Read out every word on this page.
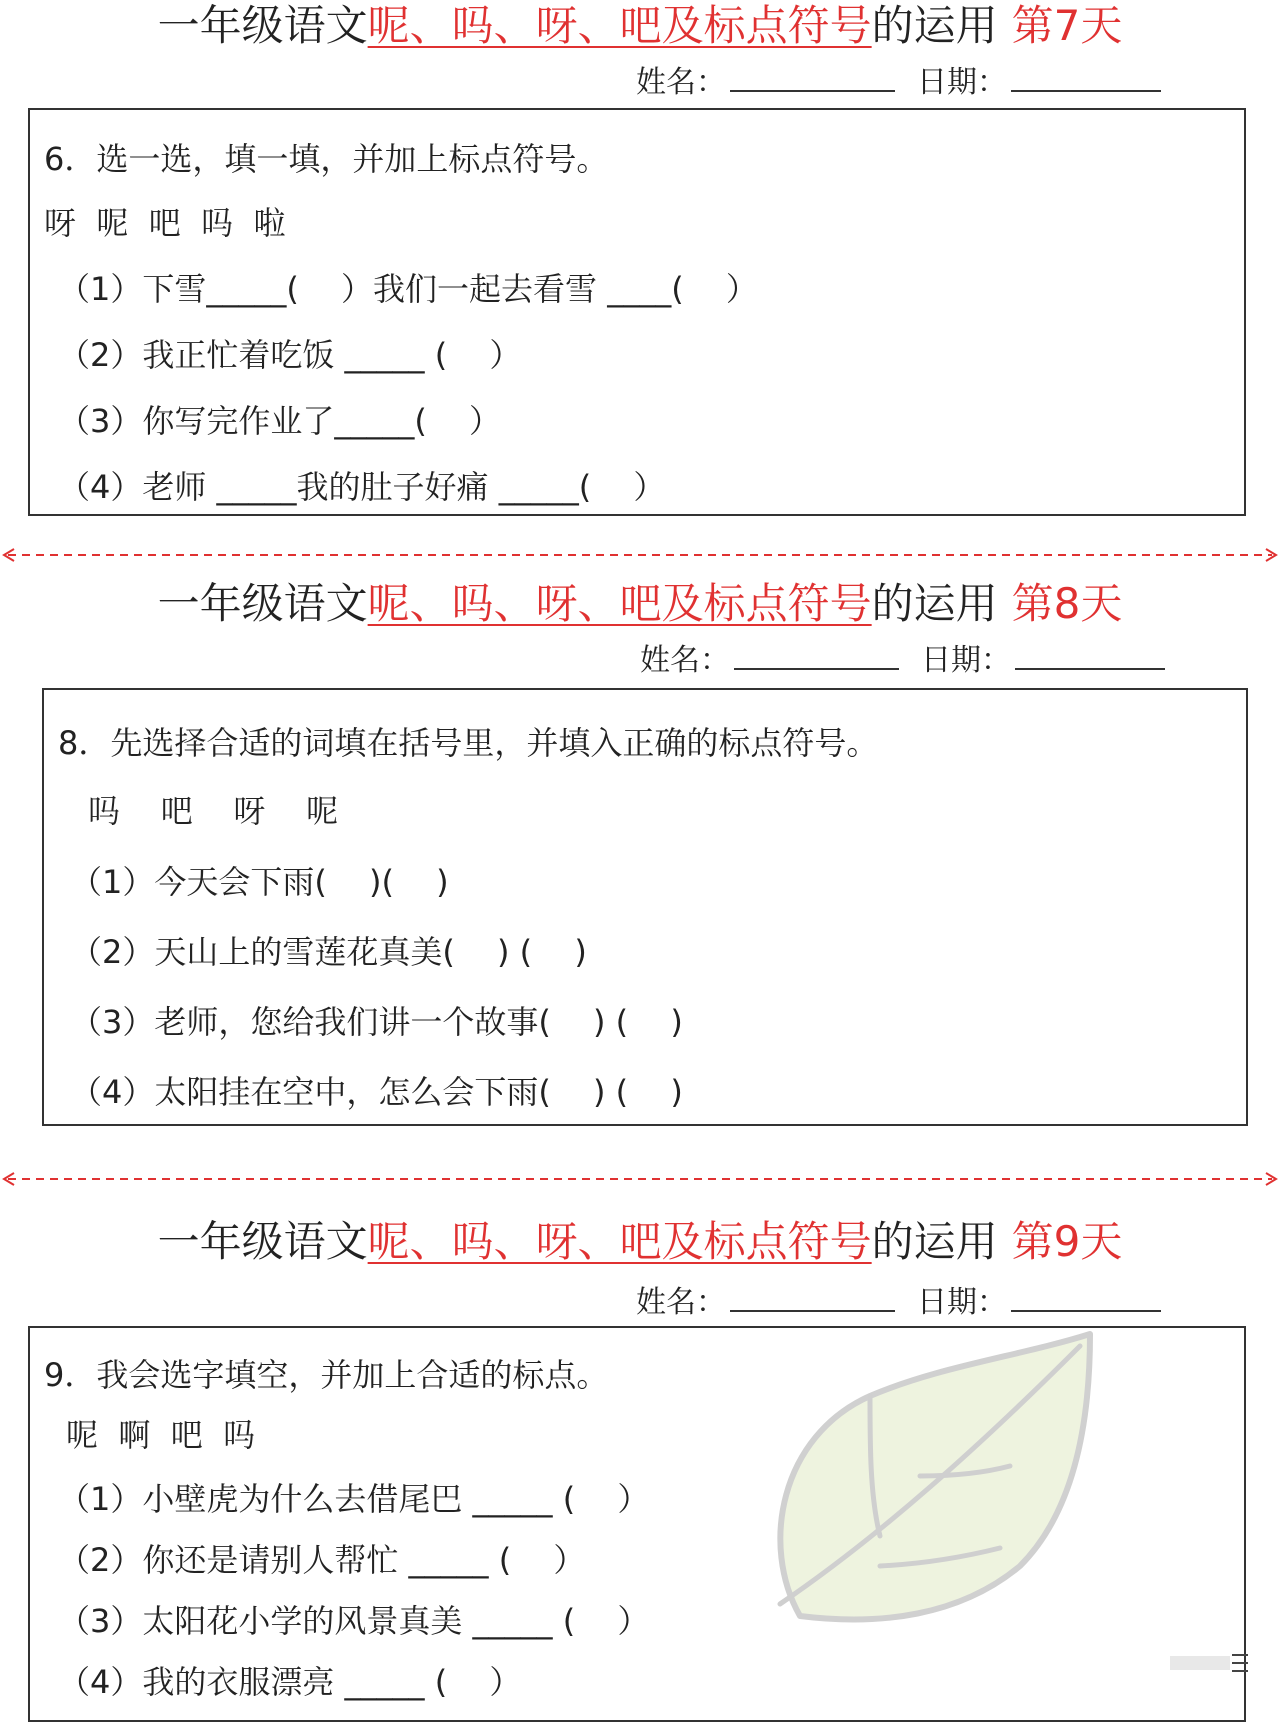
一年级语文呢、吗、呀、吧及标点符号的运用 第7天
姓名：	日期：
6．选一选，填一填，并加上标点符号。
呀 呢 吧 吗 啦
（1）下雪_____(　 ）我们一起去看雪 ____(　 ）
（2）我正忙着吃饭 _____ (　 ）
（3）你写完作业了_____(　 ）
（4）老师 _____我的肚子好痛 _____(　 ）
一年级语文呢、吗、呀、吧及标点符号的运用 第8天
姓名：	日期：
8．先选择合适的词填在括号里，并填入正确的标点符号。
吗 吧 呀 呢
（1）今天会下雨(　 )(　 )
（2）天山上的雪莲花真美(　 ) (　 )
（3）老师，您给我们讲一个故事(　 ) (　 )
（4）太阳挂在空中，怎么会下雨(　 ) (　 )
一年级语文呢、吗、呀、吧及标点符号的运用 第9天
姓名：	日期：
9．我会选字填空，并加上合适的标点。
呢 啊 吧 吗
（1）小壁虎为什么去借尾巴 _____ (　 ）
（2）你还是请别人帮忙 _____ (　 ）
（3）太阳花小学的风景真美 _____ (　 ）
（4）我的衣服漂亮 _____ (　 ）
